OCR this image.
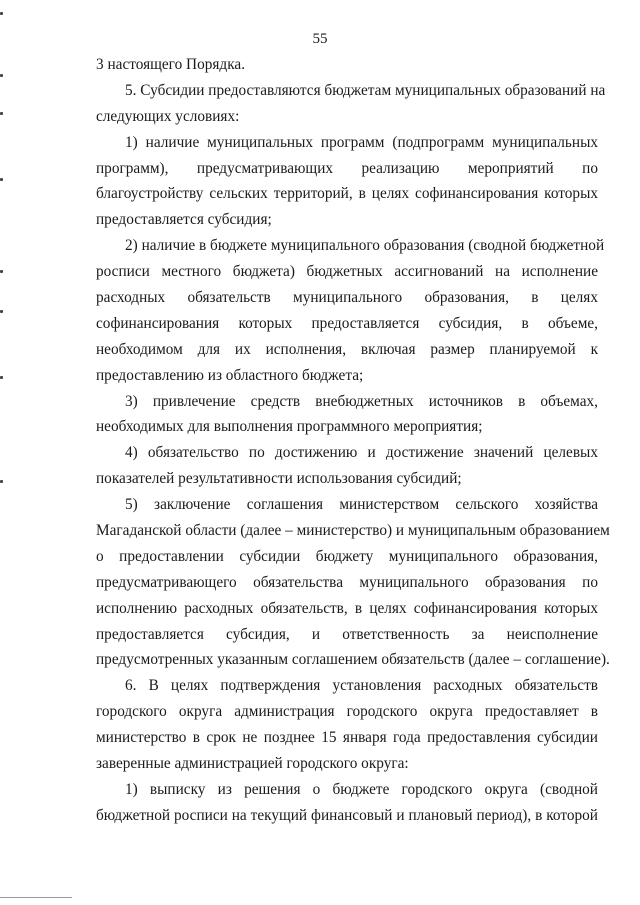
55
3 настоящего Порядка.
5. Субсидии предоставляются бюджетам муниципальных образований на
следующих условиях:
1) наличие муниципальных программ (подпрограмм муниципальных
программ), предусматривающих реализацию мероприятий по
благоустройству сельских территорий, в целях софинансирования которых
предоставляется субсидия;
2) наличие в бюджете муниципального образования (сводной бюджетной
росписи местного бюджета) бюджетных ассигнований на исполнение
расходных обязательств муниципального образования, в целях
софинансирования которых предоставляется субсидия, в объеме,
необходимом для их исполнения, включая размер планируемой к
предоставлению из областного бюджета;
3) привлечение средств внебюджетных источников в объемах,
необходимых для выполнения программного мероприятия;
4) обязательство по достижению и достижение значений целевых
показателей результативности использования субсидий;
5) заключение соглашения министерством сельского хозяйства
Магаданской области (далее – министерство) и муниципальным образованием
о предоставлении субсидии бюджету муниципального образования,
предусматривающего обязательства муниципального образования по
исполнению расходных обязательств, в целях софинансирования которых
предоставляется субсидия, и ответственность за неисполнение
предусмотренных указанным соглашением обязательств (далее – соглашение).
6. В целях подтверждения установления расходных обязательств
городского округа администрация городского округа предоставляет в
министерство в срок не позднее 15 января года предоставления субсидии
заверенные администрацией городского округа:
1) выписку из решения о бюджете городского округа (сводной
бюджетной росписи на текущий финансовый и плановый период), в которой
